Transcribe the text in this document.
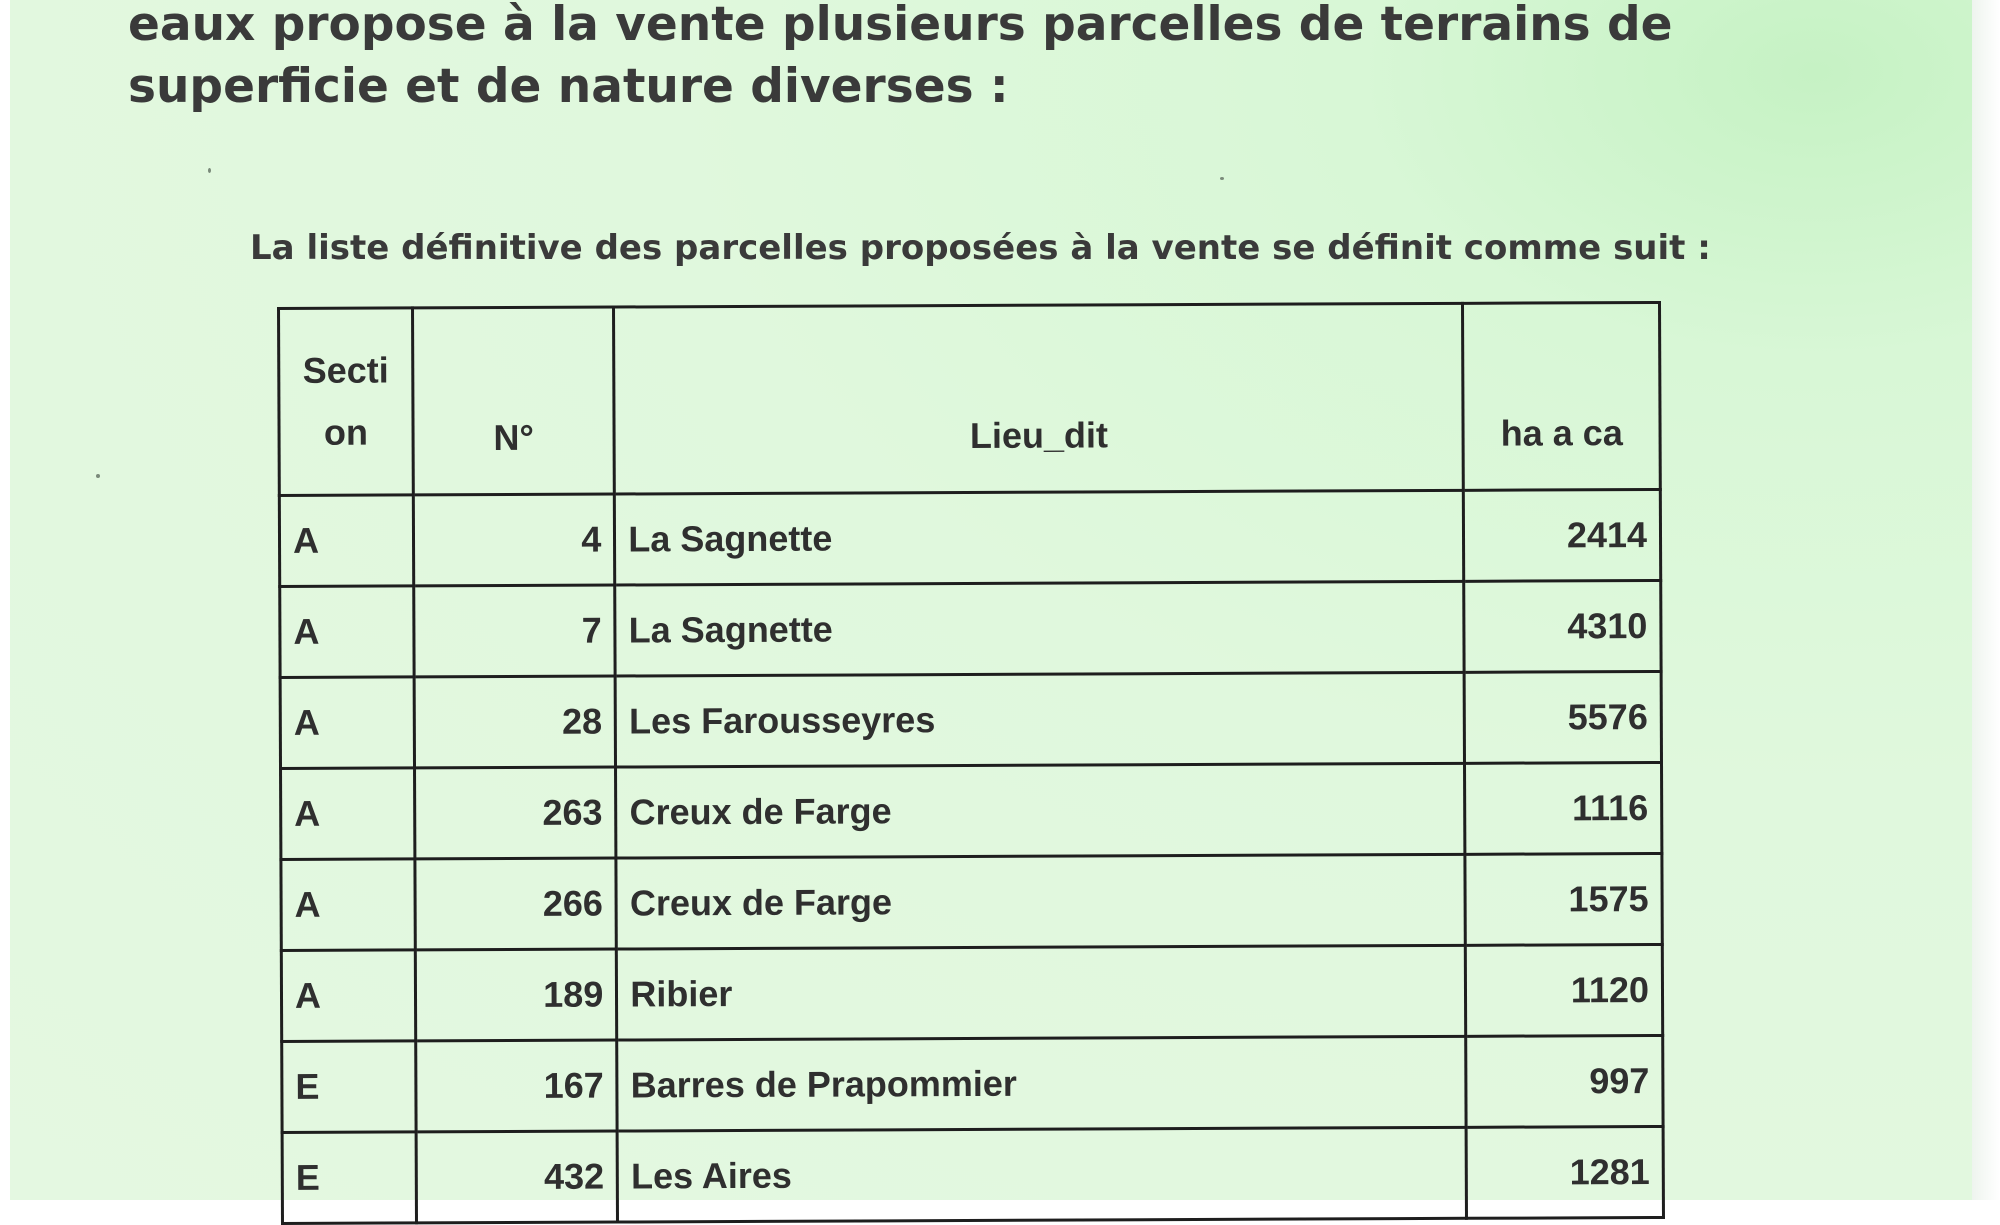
eaux propose à la vente plusieurs parcelles de terrains de
superficie et de nature diverses :
La liste définitive des parcelles proposées à la vente se définit comme suit :
Secti
on	N°	Lieu_dit	ha a ca
A	4	La Sagnette	2414
A	7	La Sagnette	4310
A	28	Les Farousseyres	5576
A	263	Creux de Farge	1116
A	266	Creux de Farge	1575
A	189	Ribier	1120
E	167	Barres de Prapommier	997
E	432	Les Aires	1281
